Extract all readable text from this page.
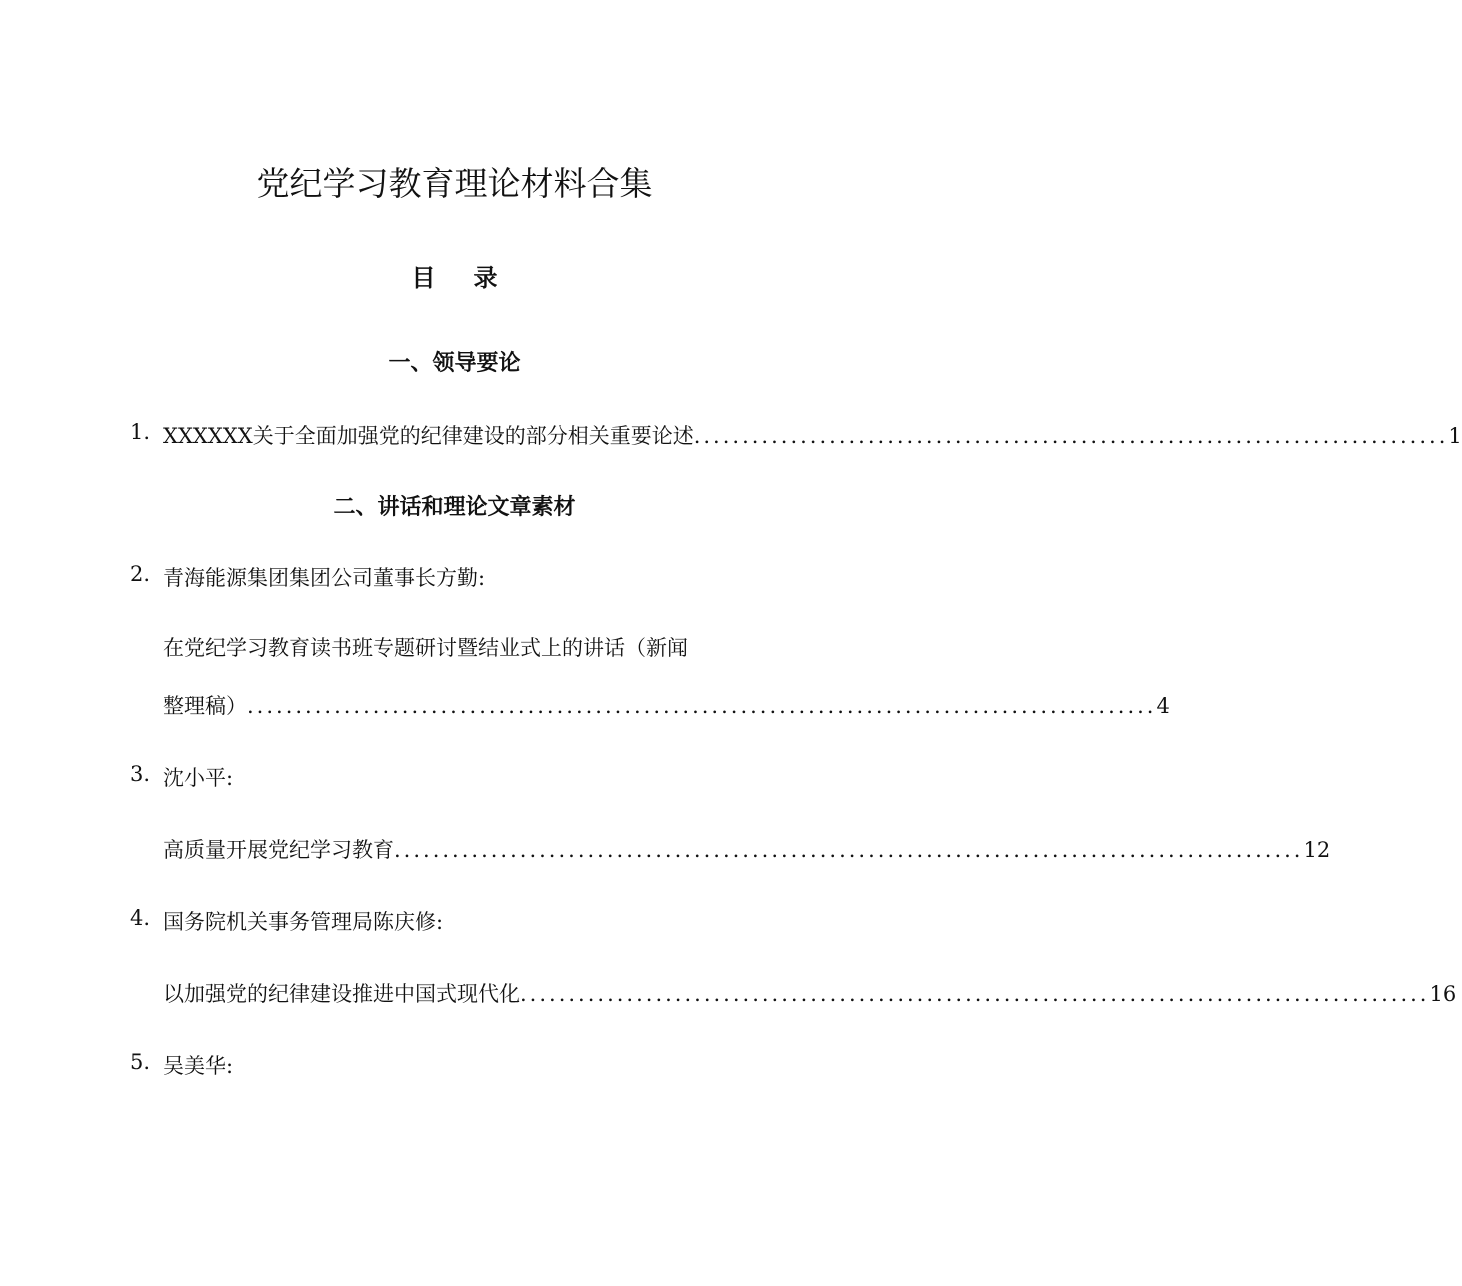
党纪学习教育理论材料合集
目 录
一、领导要论
1. XXXXXX关于全面加强党的纪律建设的部分相关重要论述 .............................................................................. 1
二、讲话和理论文章素材
2. 青海能源集团集团公司董事长方勤:
在党纪学习教育读书班专题研讨暨结业式上的讲话（新闻
整理稿） .............................................................................................. 4
3. 沈小平:
高质量开展党纪学习教育 .............................................................................................. 12
4. 国务院机关事务管理局陈庆修:
以加强党的纪律建设推进中国式现代化 .............................................................................................. 16
5. 吴美华:
